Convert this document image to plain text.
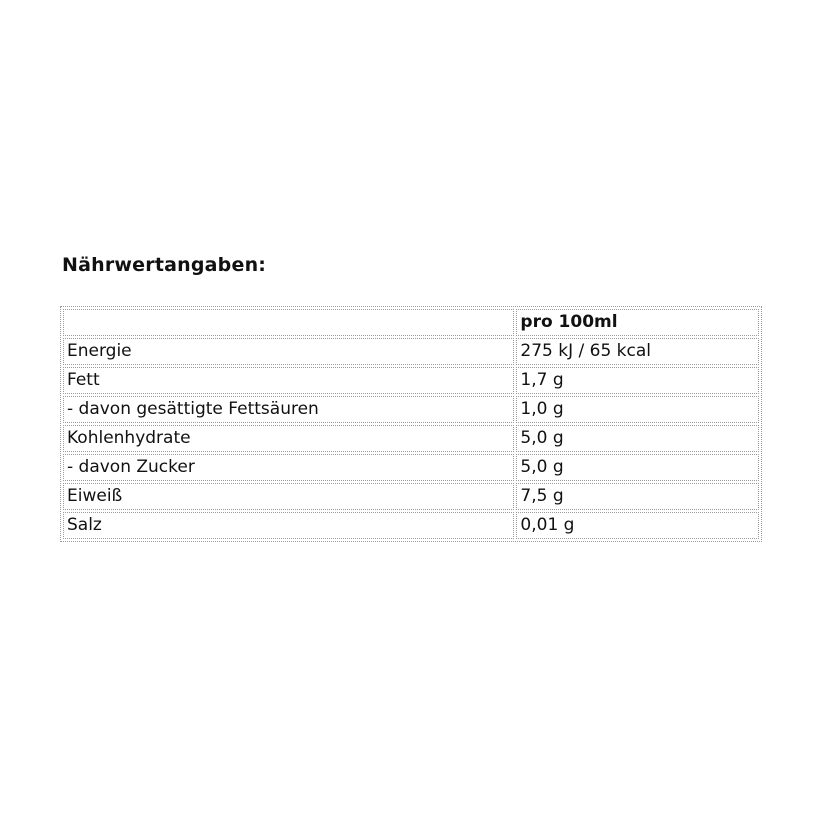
Nährwertangaben:
	pro 100ml
Energie	275 kJ / 65 kcal
Fett	1,7 g
- davon gesättigte Fettsäuren	1,0 g
Kohlenhydrate	5,0 g
- davon Zucker	5,0 g
Eiweiß	7,5 g
Salz	0,01 g
